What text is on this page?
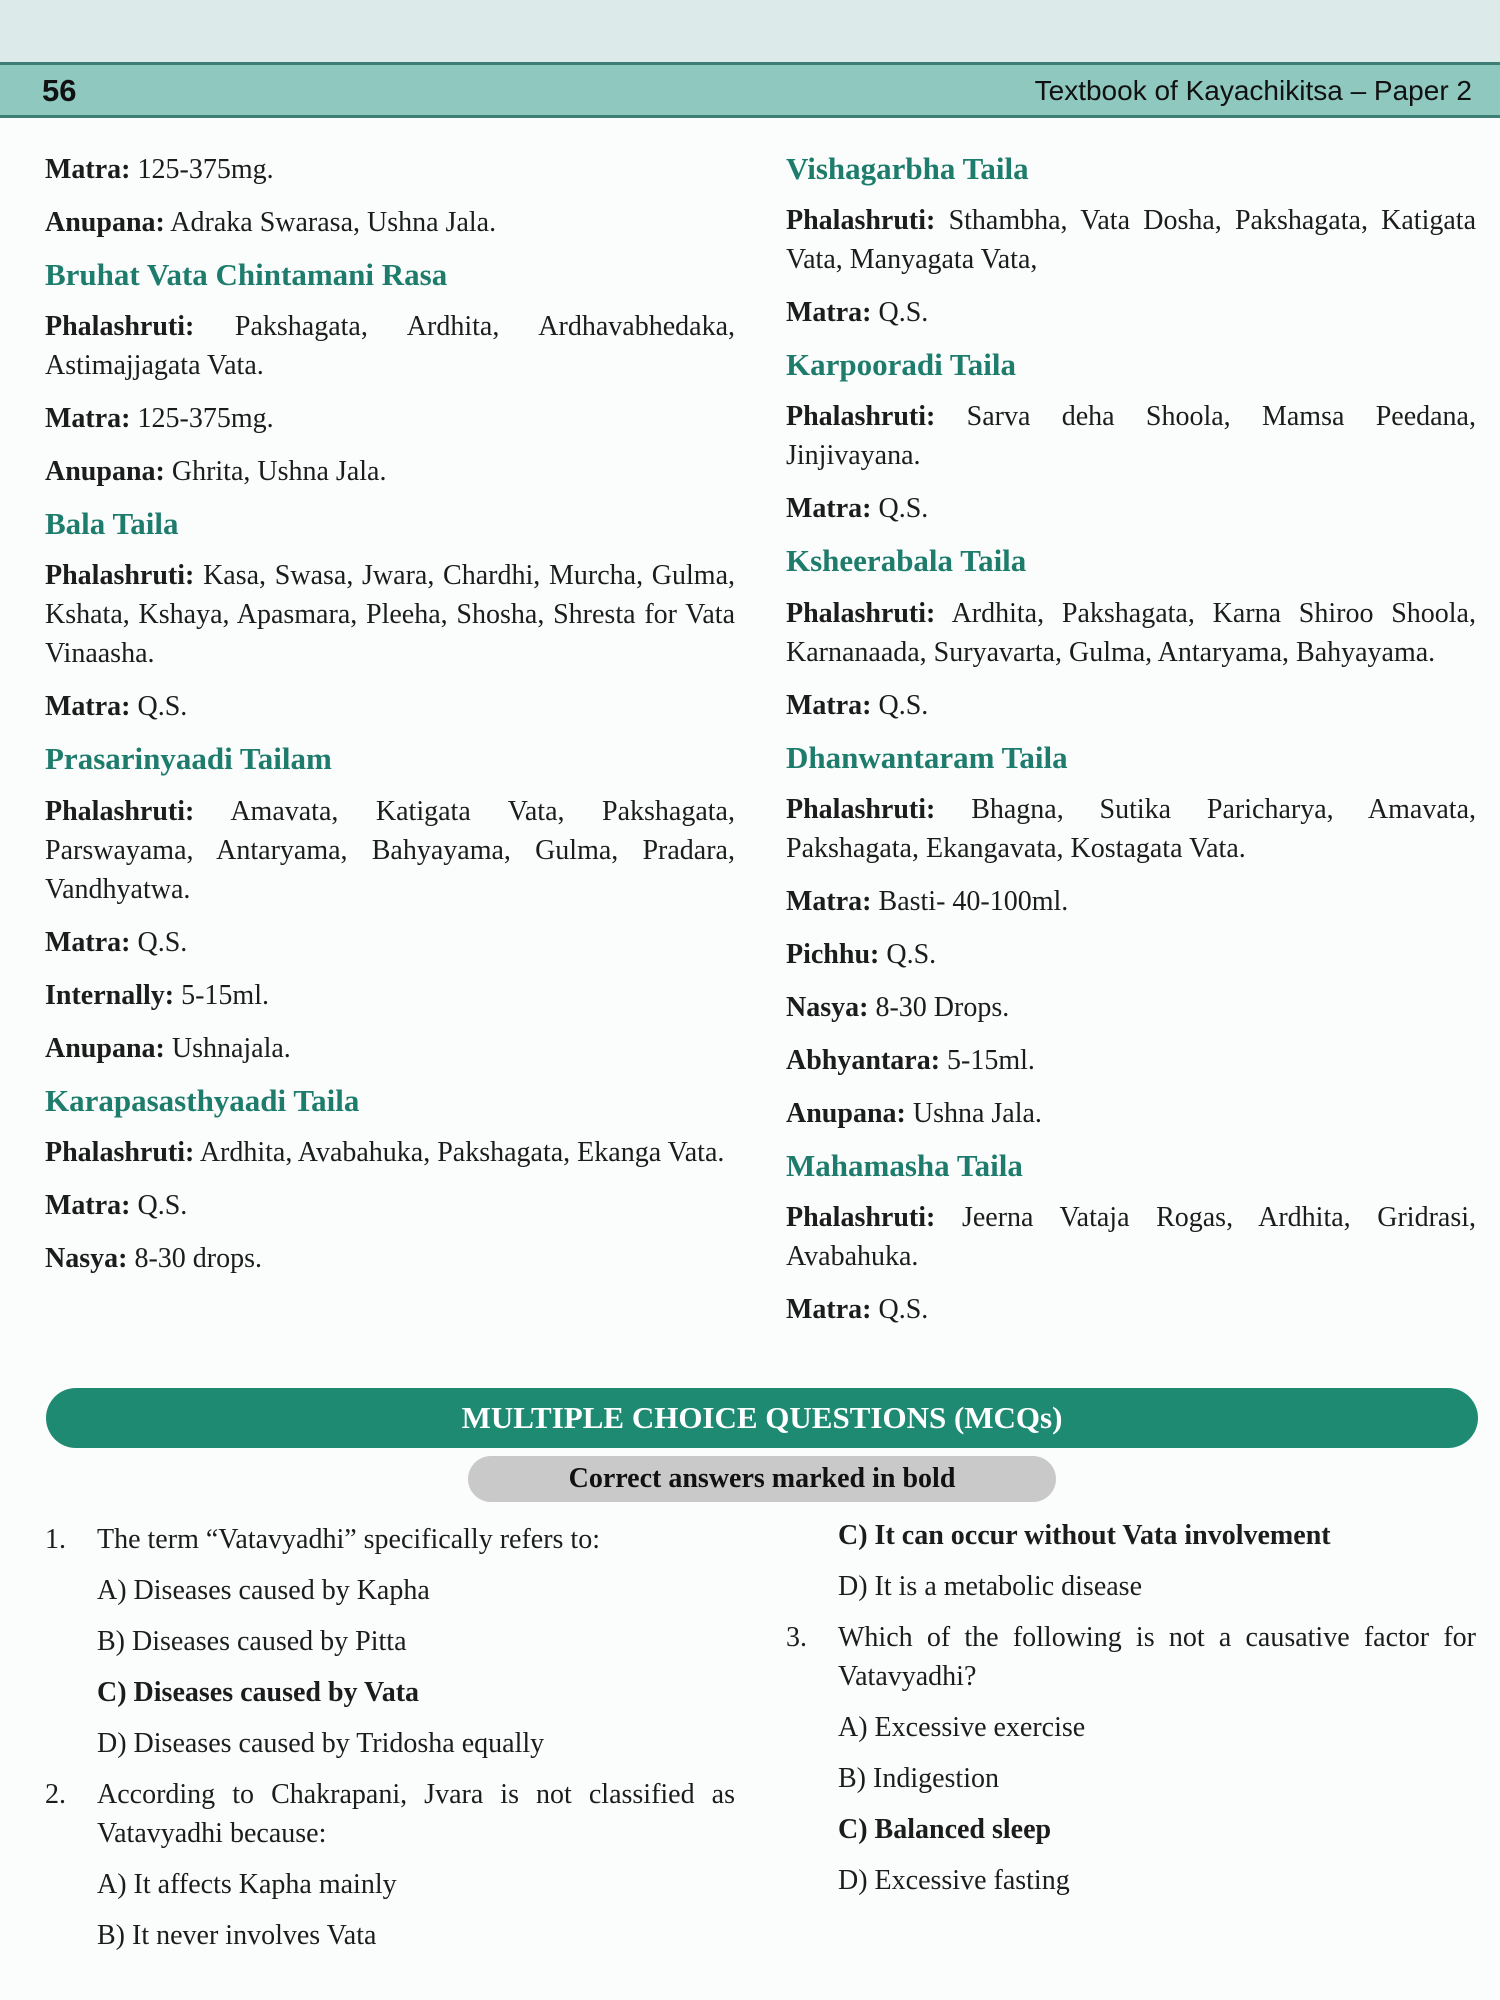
56	Textbook of Kayachikitsa – Paper 2

Matra: 125-375mg.

Anupana: Adraka Swarasa, Ushna Jala.

Bruhat Vata Chintamani Rasa

Phalashruti: Pakshagata, Ardhita, Ardhavabhedaka, Astimajjagata Vata.

Matra: 125-375mg.

Anupana: Ghrita, Ushna Jala.

Bala Taila

Phalashruti: Kasa, Swasa, Jwara, Chardhi, Murcha, Gulma, Kshata, Kshaya, Apasmara, Pleeha, Shosha, Shresta for Vata Vinaasha.

Matra: Q.S.

Prasarinyaadi Tailam

Phalashruti: Amavata, Katigata Vata, Pakshagata, Parswayama, Antaryama, Bahyayama, Gulma, Pradara, Vandhyatwa.

Matra: Q.S.

Internally: 5-15ml.

Anupana: Ushnajala.

Karapasasthyaadi Taila

Phalashruti: Ardhita, Avabahuka, Pakshagata, Ekanga Vata.

Matra: Q.S.

Nasya: 8-30 drops.

Vishagarbha Taila

Phalashruti: Sthambha, Vata Dosha, Pakshagata, Katigata Vata, Manyagata Vata,

Matra: Q.S.

Karpooradi Taila

Phalashruti: Sarva deha Shoola, Mamsa Peedana, Jinjivayana.

Matra: Q.S.

Ksheerabala Taila

Phalashruti: Ardhita, Pakshagata, Karna Shiroo Shoola, Karnanaada, Suryavarta, Gulma, Antaryama, Bahyayama.

Matra: Q.S.

Dhanwantaram Taila

Phalashruti: Bhagna, Sutika Paricharya, Amavata, Pakshagata, Ekangavata, Kostagata Vata.

Matra: Basti- 40-100ml.

Pichhu: Q.S.

Nasya: 8-30 Drops.

Abhyantara: 5-15ml.

Anupana: Ushna Jala.

Mahamasha Taila

Phalashruti: Jeerna Vataja Rogas, Ardhita, Gridrasi, Avabahuka.

Matra: Q.S.

MULTIPLE CHOICE QUESTIONS (MCQs)
Correct answers marked in bold
1.	The term “Vatavyadhi” specifically refers to:
A) Diseases caused by Kapha
B) Diseases caused by Pitta
C) Diseases caused by Vata
D) Diseases caused by Tridosha equally
2.	According to Chakrapani, Jvara is not classified as Vatavyadhi because:
A) It affects Kapha mainly
B) It never involves Vata
C) It can occur without Vata involvement
D) It is a metabolic disease
3.	Which of the following is not a causative factor for Vatavyadhi?
A) Excessive exercise
B) Indigestion
C) Balanced sleep
D) Excessive fasting
